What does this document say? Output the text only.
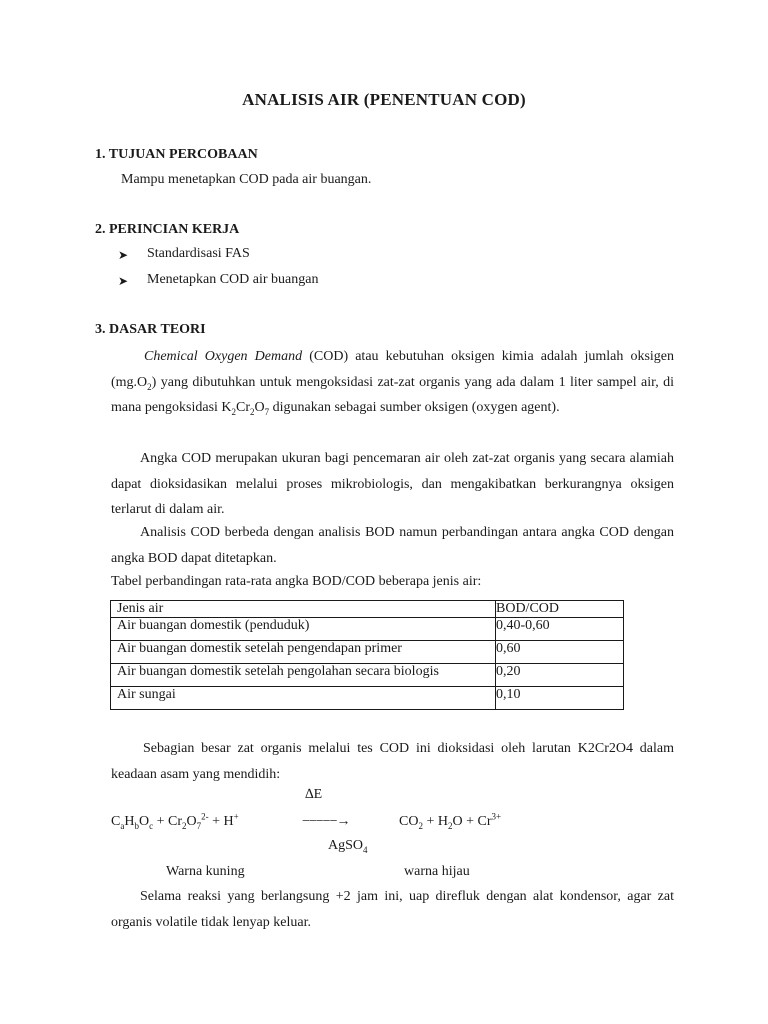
ANALISIS AIR (PENENTUAN COD)
1. TUJUAN PERCOBAAN
Mampu menetapkan COD pada air buangan.
2. PERINCIAN KERJA
➤ Standardisasi FAS
➤ Menetapkan COD air buangan
3. DASAR TEORI
Chemical Oxygen Demand (COD) atau kebutuhan oksigen kimia adalah jumlah oksigen $(mg.O_2)$ yang dibutuhkan untuk mengoksidasi zat-zat organis yang ada dalam 1 liter sampel air, di mana pengoksidasi $K_2Cr_2O_7$ digunakan sebagai sumber oksigen (oxygen agent).
Angka COD merupakan ukuran bagi pencemaran air oleh zat-zat organis yang secara alamiah dapat dioksidasikan melalui proses mikrobiologis, dan mengakibatkan berkurangnya oksigen terlarut di dalam air.
Analisis COD berbeda dengan analisis BOD namun perbandingan antara angka COD dengan angka BOD dapat ditetapkan.
Tabel perbandingan rata-rata angka BOD/COD beberapa jenis air:
Jenis air	BOD/COD
Air buangan domestik (penduduk)	0,40-0,60
Air buangan domestik setelah pengendapan primer	0,60
Air buangan domestik setelah pengolahan secara biologis	0,20
Air sungai	0,10
Sebagian besar zat organis melalui tes COD ini dioksidasi oleh larutan K2Cr2O4 dalam keadaan asam yang mendidih:
∆E
$C_aH_bO_c + Cr_2O_7^{2-} + H^+$	−−−−−→	$CO_2 + H_2O + Cr^{3+}$
AgSO$_4$
Warna kuning	warna hijau
Selama reaksi yang berlangsung +2 jam ini, uap direfluk dengan alat kondensor, agar zat organis volatile tidak lenyap keluar.
